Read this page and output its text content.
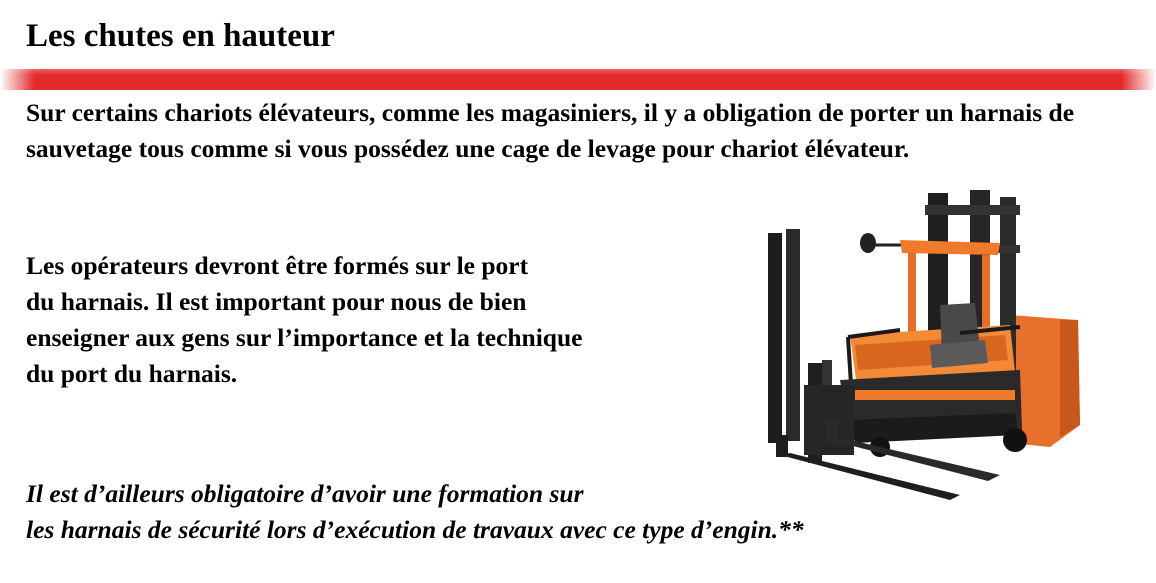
Les chutes en hauteur

Sur certains chariots élévateurs, comme les magasiniers, il y a obligation de porter un harnais de sauvetage tous comme si vous possédez une cage de levage pour chariot élévateur.

Les opérateurs devront être formés sur le port
du harnais. Il est important pour nous de bien
enseigner aux gens sur l’importance et la technique
du port du harnais.

Il est d’ailleurs obligatoire d’avoir une formation sur
les harnais de sécurité lors d’exécution de travaux avec ce type d’engin.**
